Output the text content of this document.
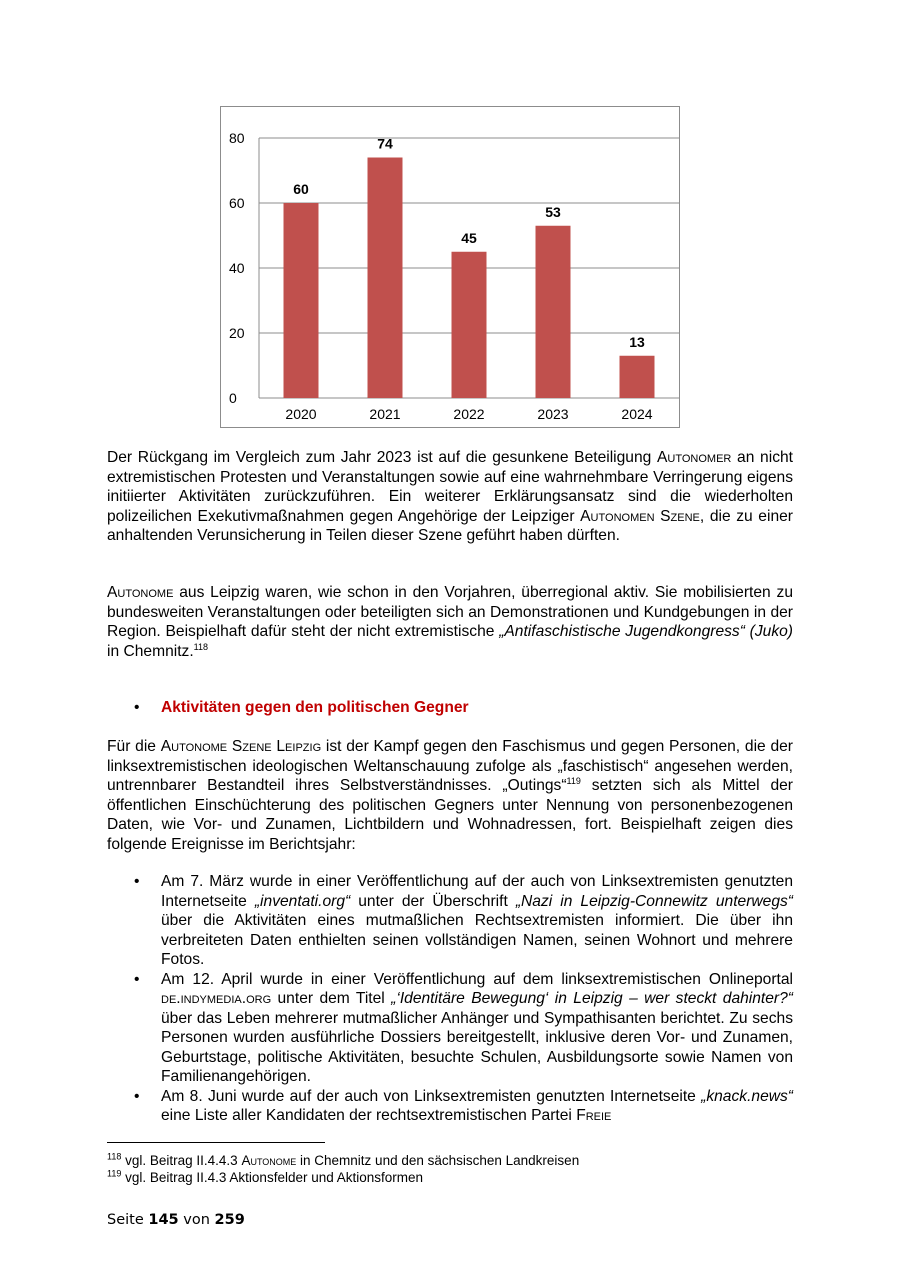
0
20
40
60
80
60
2020
74
2021
45
2022
53
2023
13
2024

Der Rückgang im Vergleich zum Jahr 2023 ist auf die gesunkene Beteiligung Autonomer an nicht extremistischen Protesten und Veranstaltungen sowie auf eine wahrnehmbare Verringerung eigens initiierter Aktivitäten zurückzuführen. Ein weiterer Erklärungsansatz sind die wiederholten polizeilichen Exekutivmaßnahmen gegen Angehörige der Leipziger Autonomen Szene, die zu einer anhaltenden Verunsicherung in Teilen dieser Szene geführt haben dürften.

Autonome aus Leipzig waren, wie schon in den Vorjahren, überregional aktiv. Sie mobilisierten zu bundesweiten Veranstaltungen oder beteiligten sich an Demonstrationen und Kundgebungen in der Region. Beispielhaft dafür steht der nicht extremistische „Antifaschistische Jugendkongress“ (Juko) in Chemnitz.$^{118}$

• Aktivitäten gegen den politischen Gegner

Für die Autonome Szene Leipzig ist der Kampf gegen den Faschismus und gegen Personen, die der linksextremistischen ideologischen Weltanschauung zufolge als „faschistisch“ angesehen werden, untrennbarer Bestandteil ihres Selbstverständnisses. „Outings“$^{119}$ setzten sich als Mittel der öffentlichen Einschüchterung des politischen Gegners unter Nennung von personenbezogenen Daten, wie Vor- und Zunamen, Lichtbildern und Wohnadressen, fort. Beispielhaft zeigen dies folgende Ereignisse im Berichtsjahr:

• Am 7. März wurde in einer Veröffentlichung auf der auch von Linksextremisten genutzten Internetseite „inventati.org“ unter der Überschrift „Nazi in Leipzig-Connewitz unterwegs“ über die Aktivitäten eines mutmaßlichen Rechtsextremisten informiert. Die über ihn verbreiteten Daten enthielten seinen vollständigen Namen, seinen Wohnort und mehrere Fotos.
• Am 12. April wurde in einer Veröffentlichung auf dem linksextremistischen Onlineportal de.indymedia.org unter dem Titel „‘Identitäre Bewegung‘ in Leipzig – wer steckt dahinter?“ über das Leben mehrerer mutmaßlicher Anhänger und Sympathisanten berichtet. Zu sechs Personen wurden ausführliche Dossiers bereitgestellt, inklusive deren Vor- und Zunamen, Geburtstage, politische Aktivitäten, besuchte Schulen, Ausbildungsorte sowie Namen von Familienangehörigen.
• Am 8. Juni wurde auf der auch von Linksextremisten genutzten Internetseite „knack.news“ eine Liste aller Kandidaten der rechtsextremistischen Partei Freie
$^{118}$ vgl. Beitrag II.4.4.3 Autonome in Chemnitz und den sächsischen Landkreisen
$^{119}$ vgl. Beitrag II.4.3 Aktionsfelder und Aktionsformen
Seite 145 von 259
